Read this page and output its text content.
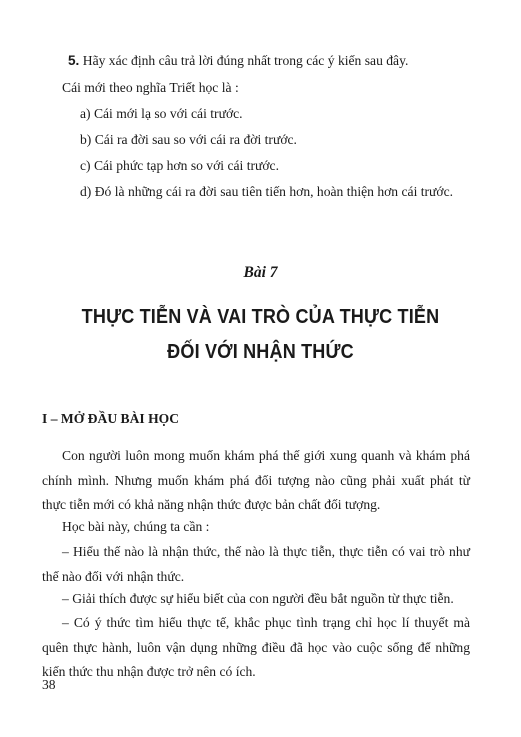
5. Hãy xác định câu trả lời đúng nhất trong các ý kiến sau đây.
Cái mới theo nghĩa Triết học là :
a) Cái mới lạ so với cái trước.
b) Cái ra đời sau so với cái ra đời trước.
c) Cái phức tạp hơn so với cái trước.
d) Đó là những cái ra đời sau tiên tiến hơn, hoàn thiện hơn cái trước.
Bài 7
THỰC TIỄN VÀ VAI TRÒ CỦA THỰC TIỄN
ĐỐI VỚI NHẬN THỨC
I – MỞ ĐẦU BÀI HỌC
Con người luôn mong muốn khám phá thế giới xung quanh và khám phá chính mình. Nhưng muốn khám phá đối tượng nào cũng phải xuất phát từ thực tiễn mới có khả năng nhận thức được bản chất đối tượng.
Học bài này, chúng ta cần :
– Hiểu thế nào là nhận thức, thế nào là thực tiễn, thực tiễn có vai trò như thế nào đối với nhận thức.
– Giải thích được sự hiểu biết của con người đều bắt nguồn từ thực tiễn.
– Có ý thức tìm hiểu thực tế, khắc phục tình trạng chỉ học lí thuyết mà quên thực hành, luôn vận dụng những điều đã học vào cuộc sống để những kiến thức thu nhận được trở nên có ích.
38
